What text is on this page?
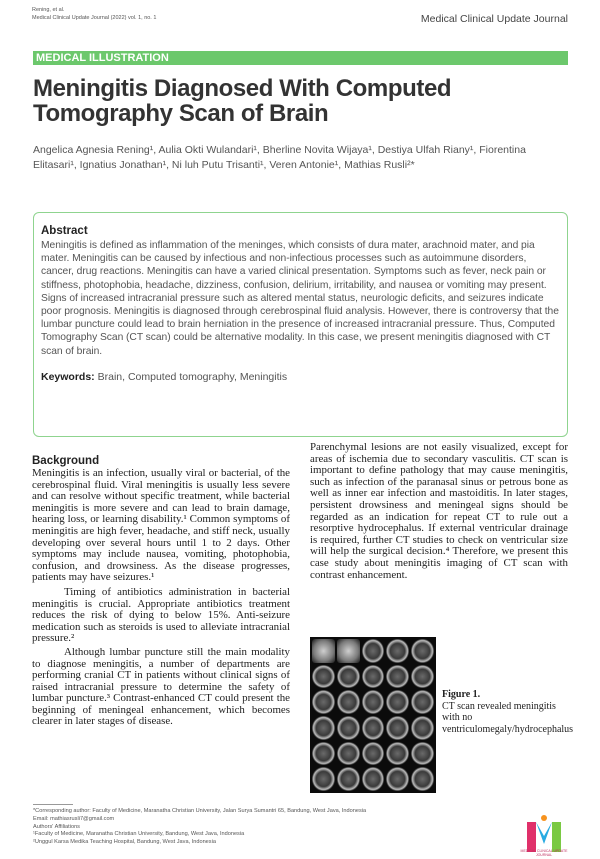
Rening, et al.
Medical Clinical Update Journal (2022) vol. 1, no. 1	Medical Clinical Update Journal
MEDICAL ILLUSTRATION
Meningitis Diagnosed With Computed Tomography Scan of Brain
Angelica Agnesia Rening¹, Aulia Okti Wulandari¹, Bherline Novita Wijaya¹, Destiya Ulfah Riany¹, Fiorentina Elitasari¹, Ignatius Jonathan¹, Ni luh Putu Trisanti¹, Veren Antonie¹, Mathias Rusli²*
Abstract
Meningitis is defined as inflammation of the meninges, which consists of dura mater, arachnoid mater, and pia mater. Meningitis can be caused by infectious and non-infectious processes such as autoimmune disorders, cancer, drug reactions. Meningitis can have a varied clinical presentation. Symptoms such as fever, neck pain or stiffness, photophobia, headache, dizziness, confusion, delirium, irritability, and nausea or vomiting may present. Signs of increased intracranial pressure such as altered mental status, neurologic deficits, and seizures indicate poor prognosis. Meningitis is diagnosed through cerebrospinal fluid analysis. However, there is controversy that the lumbar puncture could lead to brain herniation in the presence of increased intracranial pressure. Thus, Computed Tomography Scan (CT scan) could be alternative modality. In this case, we present meningitis diagnosed with CT scan of brain.
Keywords: Brain, Computed tomography, Meningitis
Background

Meningitis is an infection, usually viral or bacterial, of the cerebrospinal fluid. Viral meningitis is usually less severe and can resolve without specific treatment, while bacterial meningitis is more severe and can lead to brain damage, hearing loss, or learning disability.¹ Common symptoms of meningitis are high fever, headache, and stiff neck, usually developing over several hours until 1 to 2 days. Other symptoms may include nausea, vomiting, photophobia, confusion, and drowsiness. As the disease progresses, patients may have seizures.¹

Timing of antibiotics administration in bacterial meningitis is crucial. Appropriate antibiotics treatment reduces the risk of dying to below 15%. Anti-seizure medication such as steroids is used to alleviate intracranial pressure.²

Although lumbar puncture still the main modality to diagnose meningitis, a number of departments are performing cranial CT in patients without clinical signs of raised intracranial pressure to determine the safety of lumbar puncture.³ Contrast-enhanced CT could present the beginning of meningeal enhancement, which becomes clearer in later stages of disease.

Parenchymal lesions are not easily visualized, except for areas of ischemia due to secondary vasculitis. CT scan is important to define pathology that may cause meningitis, such as infection of the paranasal sinus or petrous bone as well as inner ear infection and mastoiditis. In later stages, persistent drowsiness and meningeal signs should be regarded as an indication for repeat CT to rule out a resorptive hydrocephalus. If external ventricular drainage is required, further CT studies to check on ventricular size will help the surgical decision.⁴ Therefore, we present this case study about meningitis imaging of CT scan with contrast enhancement.

Figure 1.
CT scan revealed meningitis with no ventriculomegaly/hydrocephalus
*Corresponding author: Faculty of Medicine, Maranatha Christian University, Jalan Surya Sumantri 65, Bandung, West Java, Indonesia
Email: mathiasrusli7@gmail.com
Authors' Affiliations
¹Faculty of Medicine, Maranatha Christian University, Bandung, West Java, Indonesia
²Unggul Karsa Medika Teaching Hospital, Bandung, West Java, Indonesia
MEDICAL CLINICAL UPDATE JOURNAL
